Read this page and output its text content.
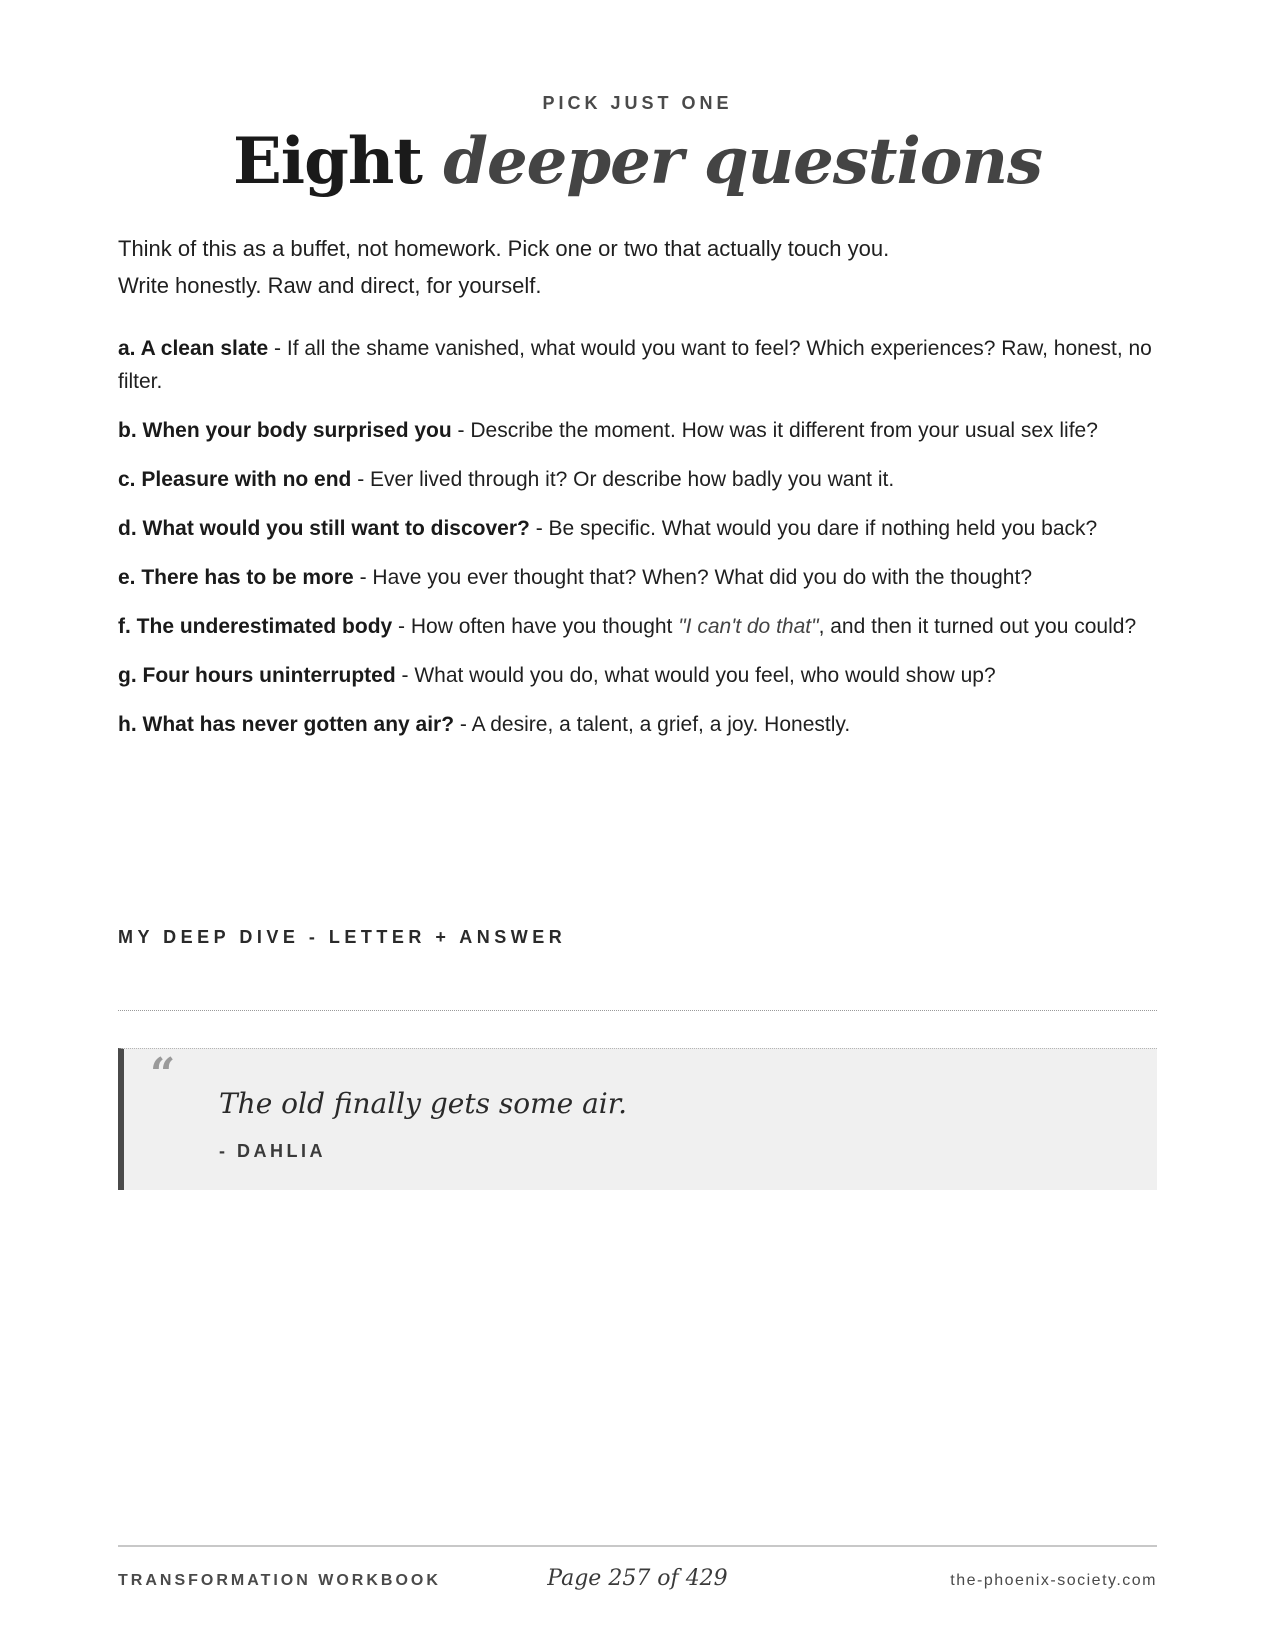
PICK JUST ONE
Eight deeper questions
Think of this as a buffet, not homework. Pick one or two that actually touch you.
Write honestly. Raw and direct, for yourself.

a. A clean slate - If all the shame vanished, what would you want to feel? Which experiences? Raw, honest, no filter.

b. When your body surprised you - Describe the moment. How was it different from your usual sex life?

c. Pleasure with no end - Ever lived through it? Or describe how badly you want it.

d. What would you still want to discover? - Be specific. What would you dare if nothing held you back?

e. There has to be more - Have you ever thought that? When? What did you do with the thought?

f. The underestimated body - How often have you thought "I can't do that", and then it turned out you could?

g. Four hours uninterrupted - What would you do, what would you feel, who would show up?

h. What has never gotten any air? - A desire, a talent, a grief, a joy. Honestly.

MY DEEP DIVE - LETTER + ANSWER
“
The old finally gets some air.
- DAHLIA
TRANSFORMATION WORKBOOK	Page 257 of 429	the-phoenix-society.com
